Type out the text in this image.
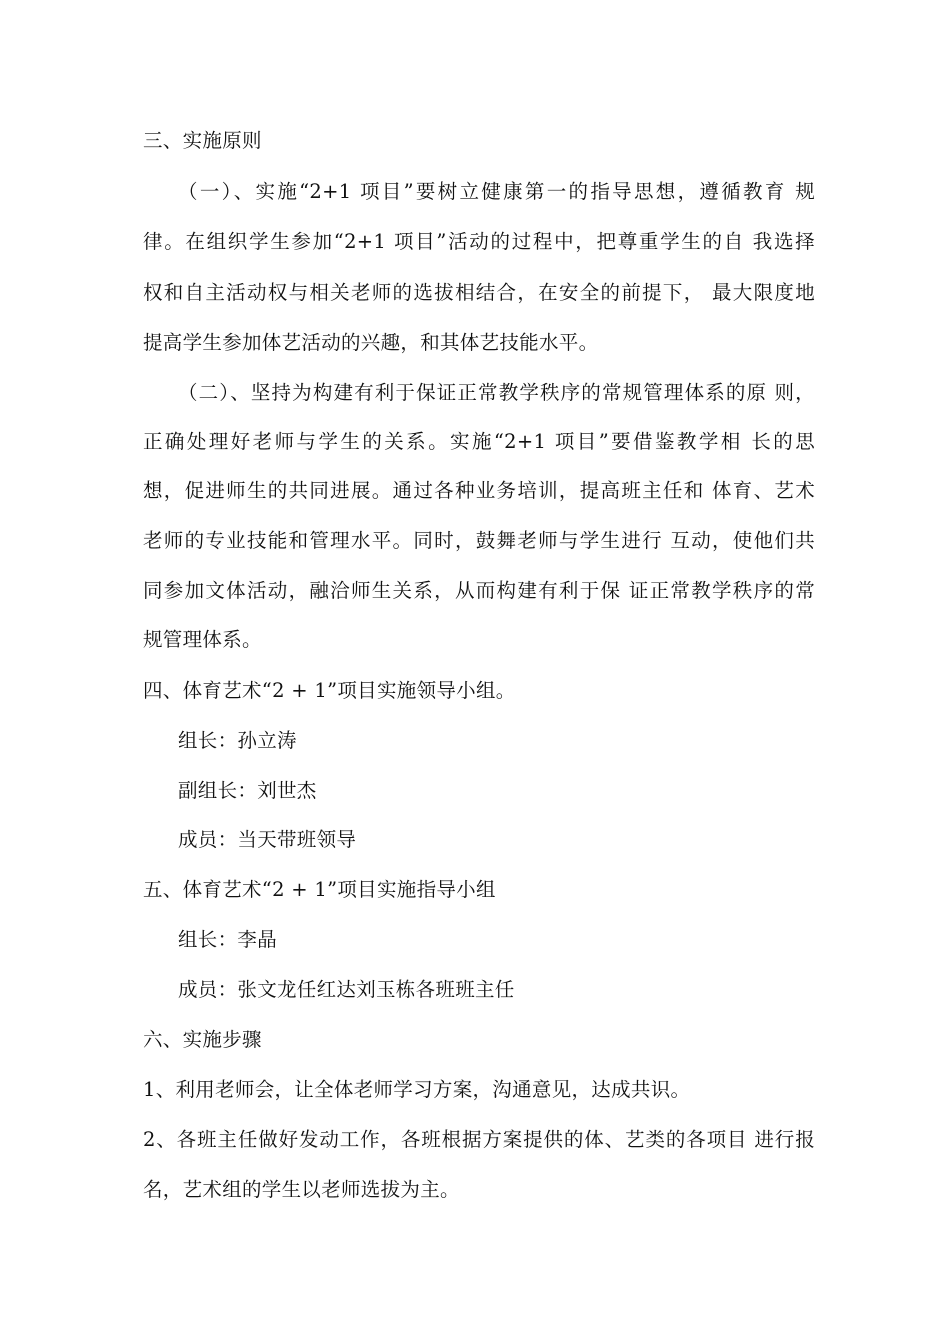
三、实施原则
（一）、实施“2+1 项目”要树立健康第一的指导思想，遵循教育 规
律。在组织学生参加“2+1 项目”活动的过程中，把尊重学生的自 我选择
权和自主活动权与相关老师的选拔相结合，在安全的前提下， 最大限度地
提高学生参加体艺活动的兴趣，和其体艺技能水平。
（二）、坚持为构建有利于保证正常教学秩序的常规管理体系的原 则，
正确处理好老师与学生的关系。实施“2+1 项目”要借鉴教学相 长的思
想，促进师生的共同进展。通过各种业务培训，提高班主任和 体育、艺术
老师的专业技能和管理水平。同时，鼓舞老师与学生进行 互动，使他们共
同参加文体活动，融洽师生关系，从而构建有利于保 证正常教学秩序的常
规管理体系。
四、体育艺术“2 + 1”项目实施领导小组。
组长：孙立涛
副组长：刘世杰
成员：当天带班领导
五、体育艺术“2 + 1”项目实施指导小组
组长：李晶
成员：张文龙任红达刘玉栋各班班主任
六、实施步骤
1、利用老师会，让全体老师学习方案，沟通意见，达成共识。
2、各班主任做好发动工作，各班根据方案提供的体、艺类的各项目 进行报
名，艺术组的学生以老师选拔为主。
